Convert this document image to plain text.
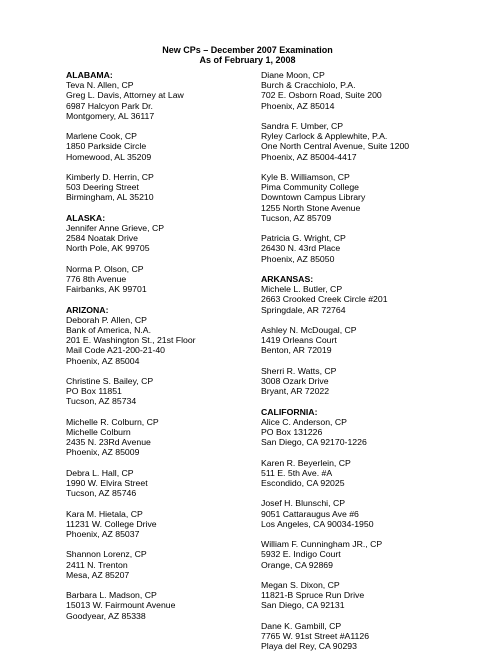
New CPs – December 2007 Examination
As of February 1, 2008
ALABAMA:
Teva N. Allen, CP
Greg L. Davis, Attorney at Law
6987 Halcyon Park Dr.
Montgomery, AL 36117
Marlene Cook, CP
1850 Parkside Circle
Homewood, AL 35209
Kimberly D. Herrin, CP
503 Deering Street
Birmingham, AL 35210
ALASKA:
Jennifer Anne Grieve, CP
2584 Noatak Drive
North Pole, AK 99705
Norma P. Olson, CP
776 8th Avenue
Fairbanks, AK 99701
ARIZONA:
Deborah P. Allen, CP
Bank of America, N.A.
201 E. Washington St., 21st Floor
Mail Code A21-200-21-40
Phoenix, AZ 85004
Christine S. Bailey, CP
PO Box 11851
Tucson, AZ 85734
Michelle R. Colburn, CP
Michelle Colburn
2435 N. 23Rd Avenue
Phoenix, AZ 85009
Debra L. Hall, CP
1990 W. Elvira Street
Tucson, AZ 85746
Kara M. Hietala, CP
11231 W. College Drive
Phoenix, AZ 85037
Shannon Lorenz, CP
2411 N. Trenton
Mesa, AZ 85207
Barbara L. Madson, CP
15013 W. Fairmount Avenue
Goodyear, AZ 85338
Diane Moon, CP
Burch & Cracchiolo, P.A.
702 E. Osborn Road, Suite 200
Phoenix, AZ 85014
Sandra F. Umber, CP
Ryley Carlock & Applewhite, P.A.
One North Central Avenue, Suite 1200
Phoenix, AZ 85004-4417
Kyle B. Williamson, CP
Pima Community College
Downtown Campus Library
1255 North Stone Avenue
Tucson, AZ 85709
Patricia G. Wright, CP
26430 N. 43rd Place
Phoenix, AZ 85050
ARKANSAS:
Michele L. Butler, CP
2663 Crooked Creek Circle #201
Springdale, AR 72764
Ashley N. McDougal, CP
1419 Orleans Court
Benton, AR 72019
Sherri R. Watts, CP
3008 Ozark Drive
Bryant, AR 72022
CALIFORNIA:
Alice C. Anderson, CP
PO Box 131226
San Diego, CA 92170-1226
Karen R. Beyerlein, CP
511 E. 5th Ave. #A
Escondido, CA 92025
Josef H. Blunschi, CP
9051 Cattaraugus Ave #6
Los Angeles, CA 90034-1950
William F. Cunningham JR., CP
5932 E. Indigo Court
Orange, CA 92869
Megan S. Dixon, CP
11821-B Spruce Run Drive
San Diego, CA 92131
Dane K. Gambill, CP
7765 W. 91st Street #A1126
Playa del Rey, CA 90293
